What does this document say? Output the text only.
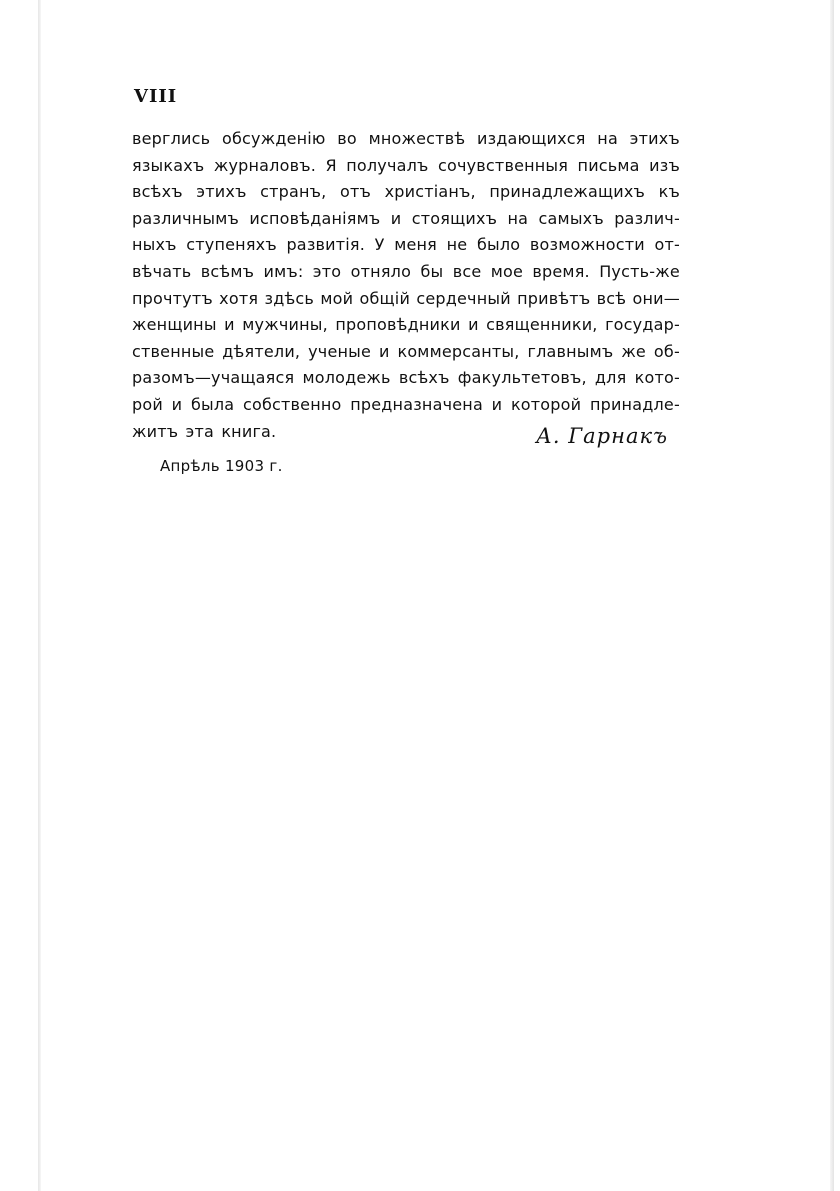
VIII
верглись обсужденію во множествѣ издающихся на этихъ
языкахъ журналовъ. Я получалъ сочувственныя письма изъ
всѣхъ этихъ странъ, отъ христіанъ, принадлежащихъ къ
различнымъ исповѣданіямъ и стоящихъ на самыхъ различ-
ныхъ ступеняхъ развитія. У меня не было возможности от-
вѣчать всѣмъ имъ: это отняло бы все мое время. Пусть-же
прочтутъ хотя здѣсь мой общій сердечный привѣтъ всѣ они—
женщины и мужчины, проповѣдники и священники, государ-
ственные дѣятели, ученые и коммерсанты, главнымъ же об-
разомъ—учащаяся молодежь всѣхъ факультетовъ, для кото-
рой и была собственно предназначена и которой принадле-
житъ эта книга.	А. Гарнакъ
Апрѣль 1903 г.
